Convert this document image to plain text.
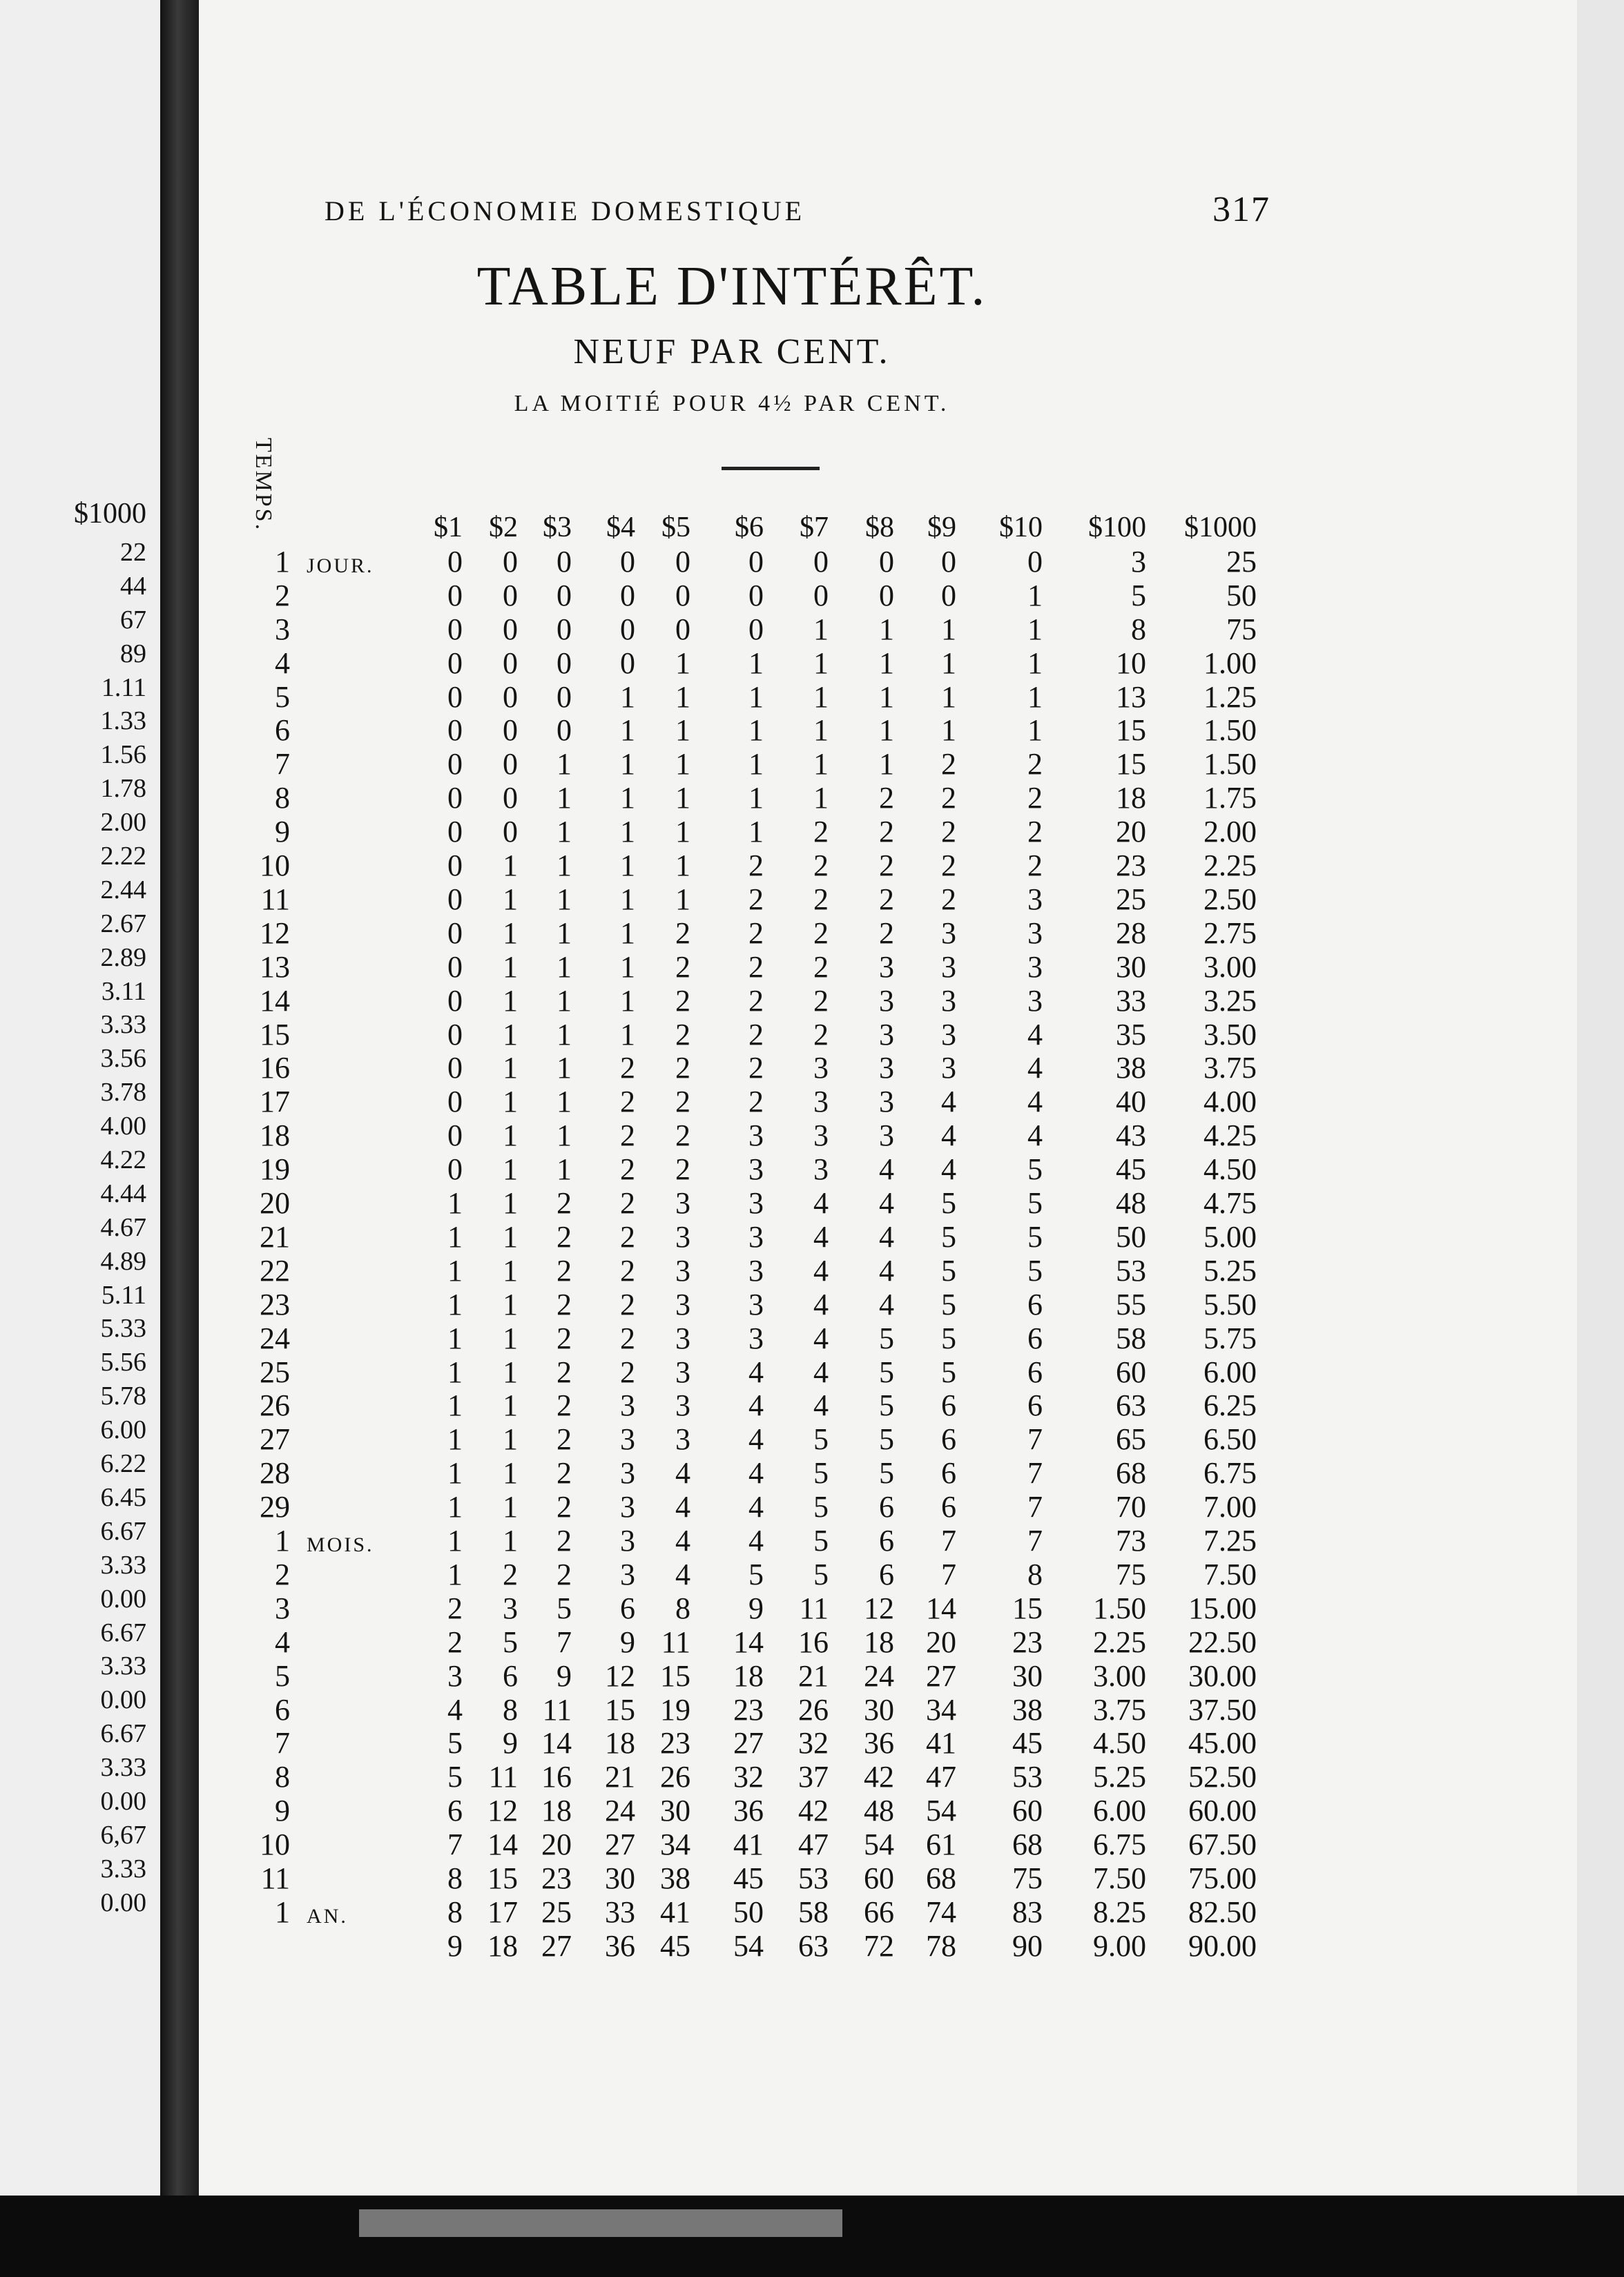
$1000
22
44
67
89
1.11
1.33
1.56
1.78
2.00
2.22
2.44
2.67
2.89
3.11
3.33
3.56
3.78
4.00
4.22
4.44
4.67
4.89
5.11
5.33
5.56
5.78
6.00
6.22
6.45
6.67
3.33
0.00
6.67
3.33
0.00
6.67
3.33
0.00
6,67
3.33
0.00
DE L'ÉCONOMIE DOMESTIQUE	317
TABLE D'INTÉRÊT.
NEUF PAR CENT.
LA MOITIÉ POUR 4½ PAR CENT.
TEMPS.	$1 $2 $3 $4 $5 $6 $7 $8 $9 $10 $100 $1000
1 JOUR. 0 0 0 0 0 0 0 0 0 0	3	25
2	0 0 0 0 0 0 0 0 0 1	5	50
3	0 0 0 0 0 0 1 1 1 1	8	75
4	0 0 0 0 1 1 1 1 1 1 10 1.00
5	0 0 0 1 1 1 1 1 1 1 13 1.25
6	0 0 0 1 1 1 1 1 1 1 15 1.50
7	0 0 1 1 1 1 1 1 2 2 15 1.50
8	0 0 1 1 1 1 1 2 2 2 18 1.75
9	0 0 1 1 1 1 2 2 2 2 20 2.00
10	0 1 1 1 1 2 2 2 2 2 23 2.25
11	0 1 1 1 1 2 2 2 2 3 25 2.50
12	0 1 1 1 2 2 2 2 3 3 28 2.75
13	0 1 1 1 2 2 2 3 3 3 30 3.00
14	0 1 1 1 2 2 2 3 3 3 33 3.25
15	0 1 1 1 2 2 2 3 3 4 35 3.50
16	0 1 1 2 2 2 3 3 3 4 38 3.75
17	0 1 1 2 2 2 3 3 4 4 40 4.00
18	0 1 1 2 2 3 3 3 4 4 43 4.25
19	0 1 1 2 2 3 3 4 4 5 45 4.50
20	1 1 2 2 3 3 4 4 5 5 48 4.75
21	1 1 2 2 3 3 4 4 5 5 50 5.00
22	1 1 2 2 3 3 4 4 5 5 53 5.25
23	1 1 2 2 3 3 4 4 5 6 55 5.50
24	1 1 2 2 3 3 4 5 5 6 58 5.75
25	1 1 2 2 3 4 4 5 5 6 60 6.00
26	1 1 2 3 3 4 4 5 6 6 63 6.25
27	1 1 2 3 3 4 5 5 6 7 65 6.50
28	1 1 2 3 4 4 5 5 6 7 68 6.75
29	1 1 2 3 4 4 5 6 6 7 70 7.00
1 MOIS. 1 1 2 3 4 4 5 6 7 7 73 7.25
2	1 2 2 3 4 5 5 6 7 8 75 7.50
3	2 3 5 6 8 9 11 12 14 15 1.50 15.00
4	2 5 7 9 11 14 16 18 20 23 2.25 22.50
5	3 6 9 12 15 18 21 24 27 30 3.00 30.00
6	4 8 11 15 19 23 26 30 34 38 3.75 37.50
7	5 9 14 18 23 27 32 36 41 45 4.50 45.00
8	5 11 16 21 26 32 37 42 47 53 5.25 52.50
9	6 12 18 24 30 36 42 48 54 60 6.00 60.00
10	7 14 20 27 34 41 47 54 61 68 6.75 67.50
11	8 15 23 30 38 45 53 60 68 75 7.50 75.00
1 AN.	8 17 25 33 41 50 58 66 74 83 8.25 82.50
9 18 27 36 45 54 63 72 78 90 9.00 90.00
